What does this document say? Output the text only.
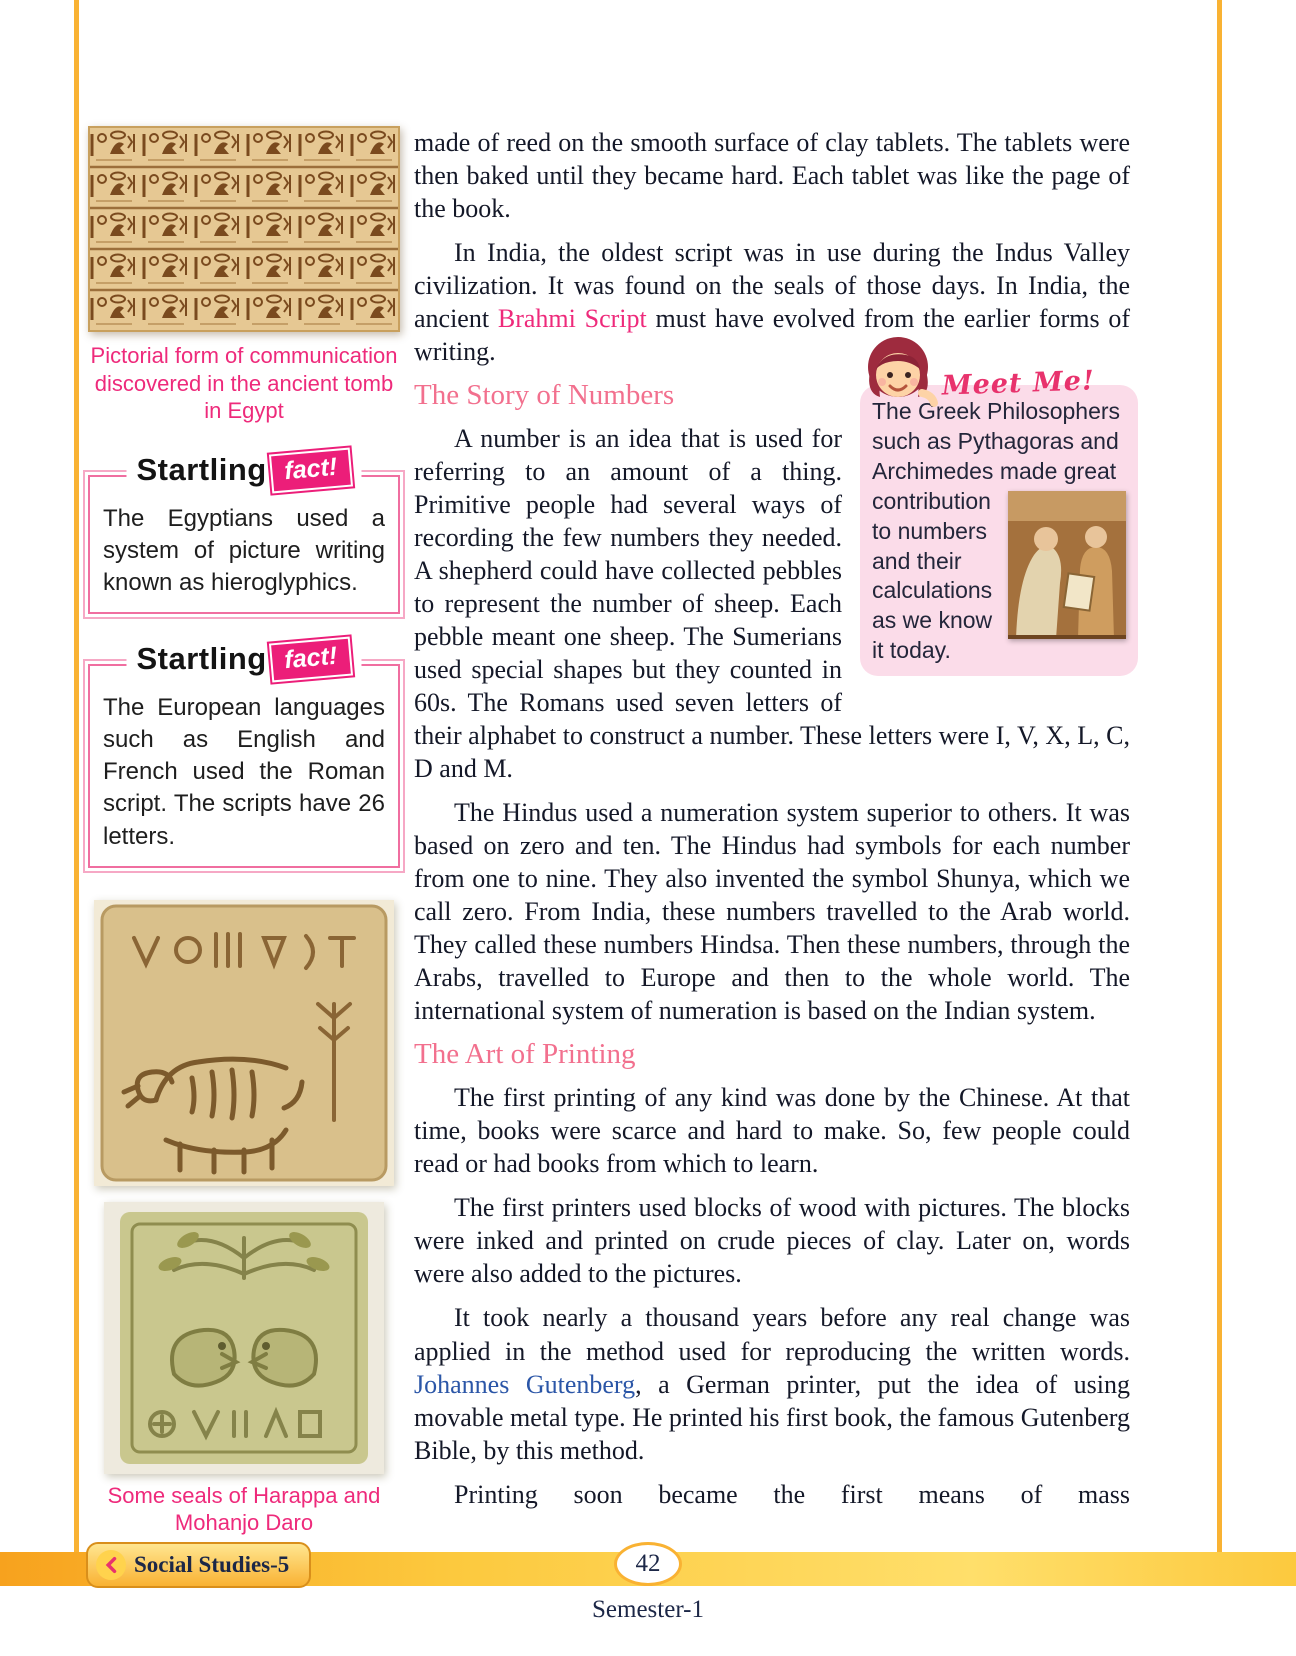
Pictorial form of communication discovered in the ancient tomb in Egypt
Startling fact!
The Egyptians used a system of picture writing known as hieroglyphics.
Startling fact!
The European languages such as English and French used the Roman script. The scripts have 26 letters.
Some seals of Harappa and Mohanjo Daro

made of reed on the smooth surface of clay tablets. The tablets were then baked until they became hard. Each tablet was like the page of the book.

In India, the oldest script was in use during the Indus Valley civilization. It was found on the seals of those days. In India, the ancient Brahmi Script must have evolved from the earlier forms of writing.

Meet Me!
The Greek Philosophers such as Pythagoras and Archimedes made great
contribution to numbers and their calculations as we know it today.
The Story of Numbers

A number is an idea that is used for referring to an amount of a thing. Primitive people had several ways of recording the few numbers they needed. A shepherd could have collected pebbles to represent the number of sheep. Each pebble meant one sheep. The Sumerians used special shapes but they counted in 60s. The Romans used seven letters of their alphabet to construct a number. These letters were I, V, X, L, C, D and M.

The Hindus used a numeration system superior to others. It was based on zero and ten. The Hindus had symbols for each number from one to nine. They also invented the symbol Shunya, which we call zero. From India, these numbers travelled to the Arab world. They called these numbers Hindsa. Then these numbers, through the Arabs, travelled to Europe and then to the whole world. The international system of numeration is based on the Indian system.

The Art of Printing

The first printing of any kind was done by the Chinese. At that time, books were scarce and hard to make. So, few people could read or had books from which to learn.

The first printers used blocks of wood with pictures. The blocks were inked and printed on crude pieces of clay. Later on, words were also added to the pictures.

It took nearly a thousand years before any real change was applied in the method used for reproducing the written words. Johannes Gutenberg, a German printer, put the idea of using movable metal type. He printed his first book, the famous Gutenberg Bible, by this method.

Printing soon became the first means of mass

Social Studies-5	42
Semester-1
